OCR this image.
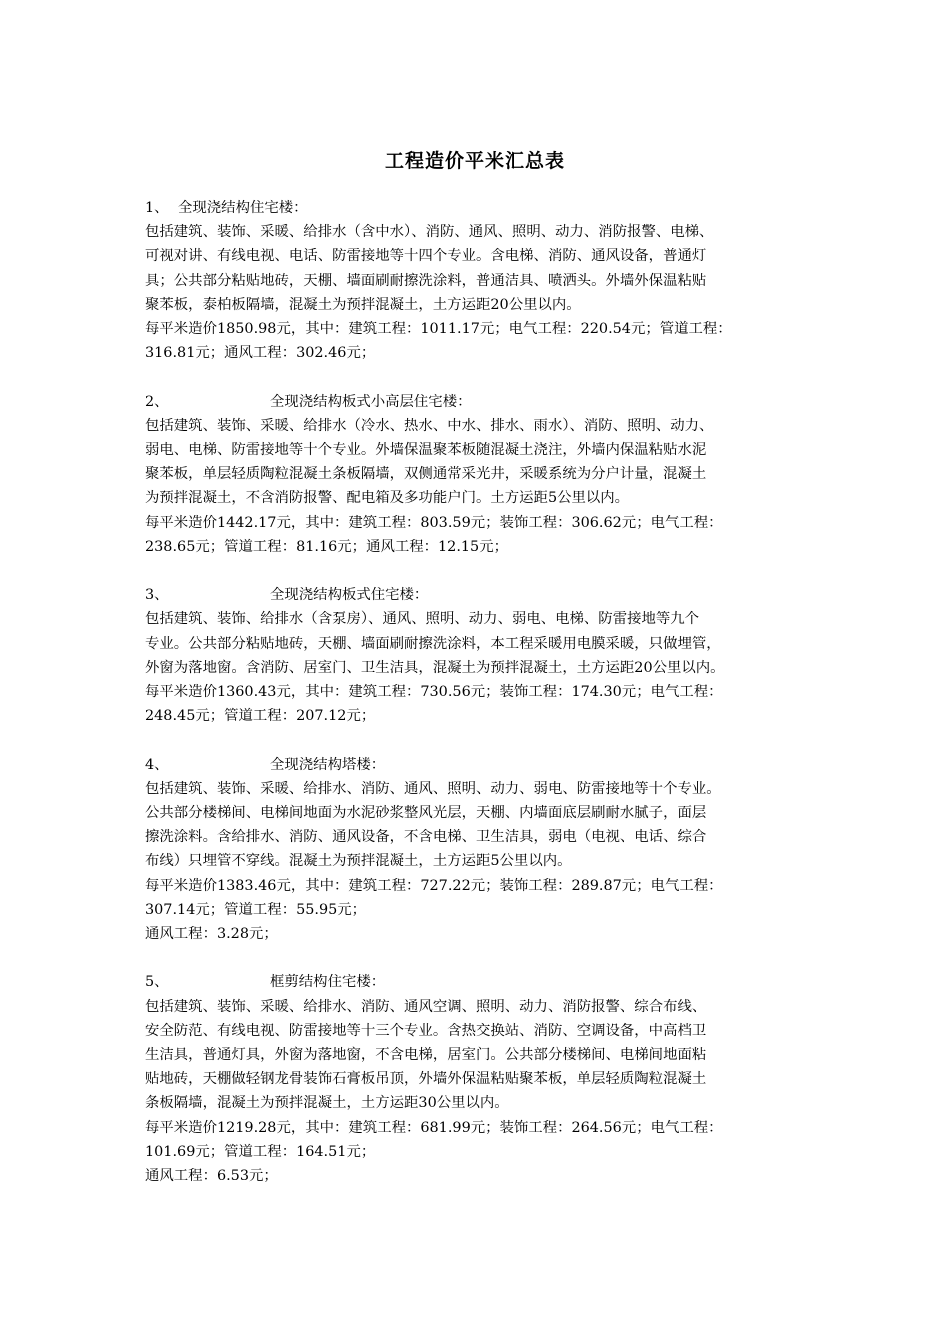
工程造价平米汇总表
1、 全现浇结构住宅楼：
包括建筑、装饰、采暖、给排水（含中水）、消防、通风、照明、动力、消防报警、电梯、
可视对讲、有线电视、电话、防雷接地等十四个专业。含电梯、消防、通风设备，普通灯
具；公共部分粘贴地砖，天棚、墙面刷耐擦洗涂料，普通洁具、喷洒头。外墙外保温粘贴
聚苯板，泰柏板隔墙，混凝土为预拌混凝土，土方运距20公里以内。
每平米造价1850.98元，其中：建筑工程：1011.17元；电气工程：220.54元；管道工程：
316.81元；通风工程：302.46元；
2、	全现浇结构板式小高层住宅楼：
包括建筑、装饰、采暖、给排水（冷水、热水、中水、排水、雨水）、消防、照明、动力、
弱电、电梯、防雷接地等十个专业。外墙保温聚苯板随混凝土浇注，外墙内保温粘贴水泥
聚苯板，单层轻质陶粒混凝土条板隔墙，双侧通常采光井，采暖系统为分户计量，混凝土
为预拌混凝土，不含消防报警、配电箱及多功能户门。土方运距5公里以内。
每平米造价1442.17元，其中：建筑工程：803.59元；装饰工程：306.62元；电气工程：
238.65元；管道工程：81.16元；通风工程：12.15元；
3、	全现浇结构板式住宅楼：
包括建筑、装饰、给排水（含泵房）、通风、照明、动力、弱电、电梯、防雷接地等九个
专业。公共部分粘贴地砖，天棚、墙面刷耐擦洗涂料，本工程采暖用电膜采暖，只做埋管，
外窗为落地窗。含消防、居室门、卫生洁具，混凝土为预拌混凝土，土方运距20公里以内。
每平米造价1360.43元，其中：建筑工程：730.56元；装饰工程：174.30元；电气工程：
248.45元；管道工程：207.12元；
4、	全现浇结构塔楼：
包括建筑、装饰、采暖、给排水、消防、通风、照明、动力、弱电、防雷接地等十个专业。
公共部分楼梯间、电梯间地面为水泥砂浆整风光层，天棚、内墙面底层刷耐水腻子，面层
擦洗涂料。含给排水、消防、通风设备，不含电梯、卫生洁具，弱电（电视、电话、综合
布线）只埋管不穿线。混凝土为预拌混凝土，土方运距5公里以内。
每平米造价1383.46元，其中：建筑工程：727.22元；装饰工程：289.87元；电气工程：
307.14元；管道工程：55.95元；
通风工程：3.28元；
5、	框剪结构住宅楼：
包括建筑、装饰、采暖、给排水、消防、通风空调、照明、动力、消防报警、综合布线、
安全防范、有线电视、防雷接地等十三个专业。含热交换站、消防、空调设备，中高档卫
生洁具，普通灯具，外窗为落地窗，不含电梯，居室门。公共部分楼梯间、电梯间地面粘
贴地砖，天棚做轻钢龙骨装饰石膏板吊顶，外墙外保温粘贴聚苯板，单层轻质陶粒混凝土
条板隔墙，混凝土为预拌混凝土，土方运距30公里以内。
每平米造价1219.28元，其中：建筑工程：681.99元；装饰工程：264.56元；电气工程：
101.69元；管道工程：164.51元；
通风工程：6.53元；
